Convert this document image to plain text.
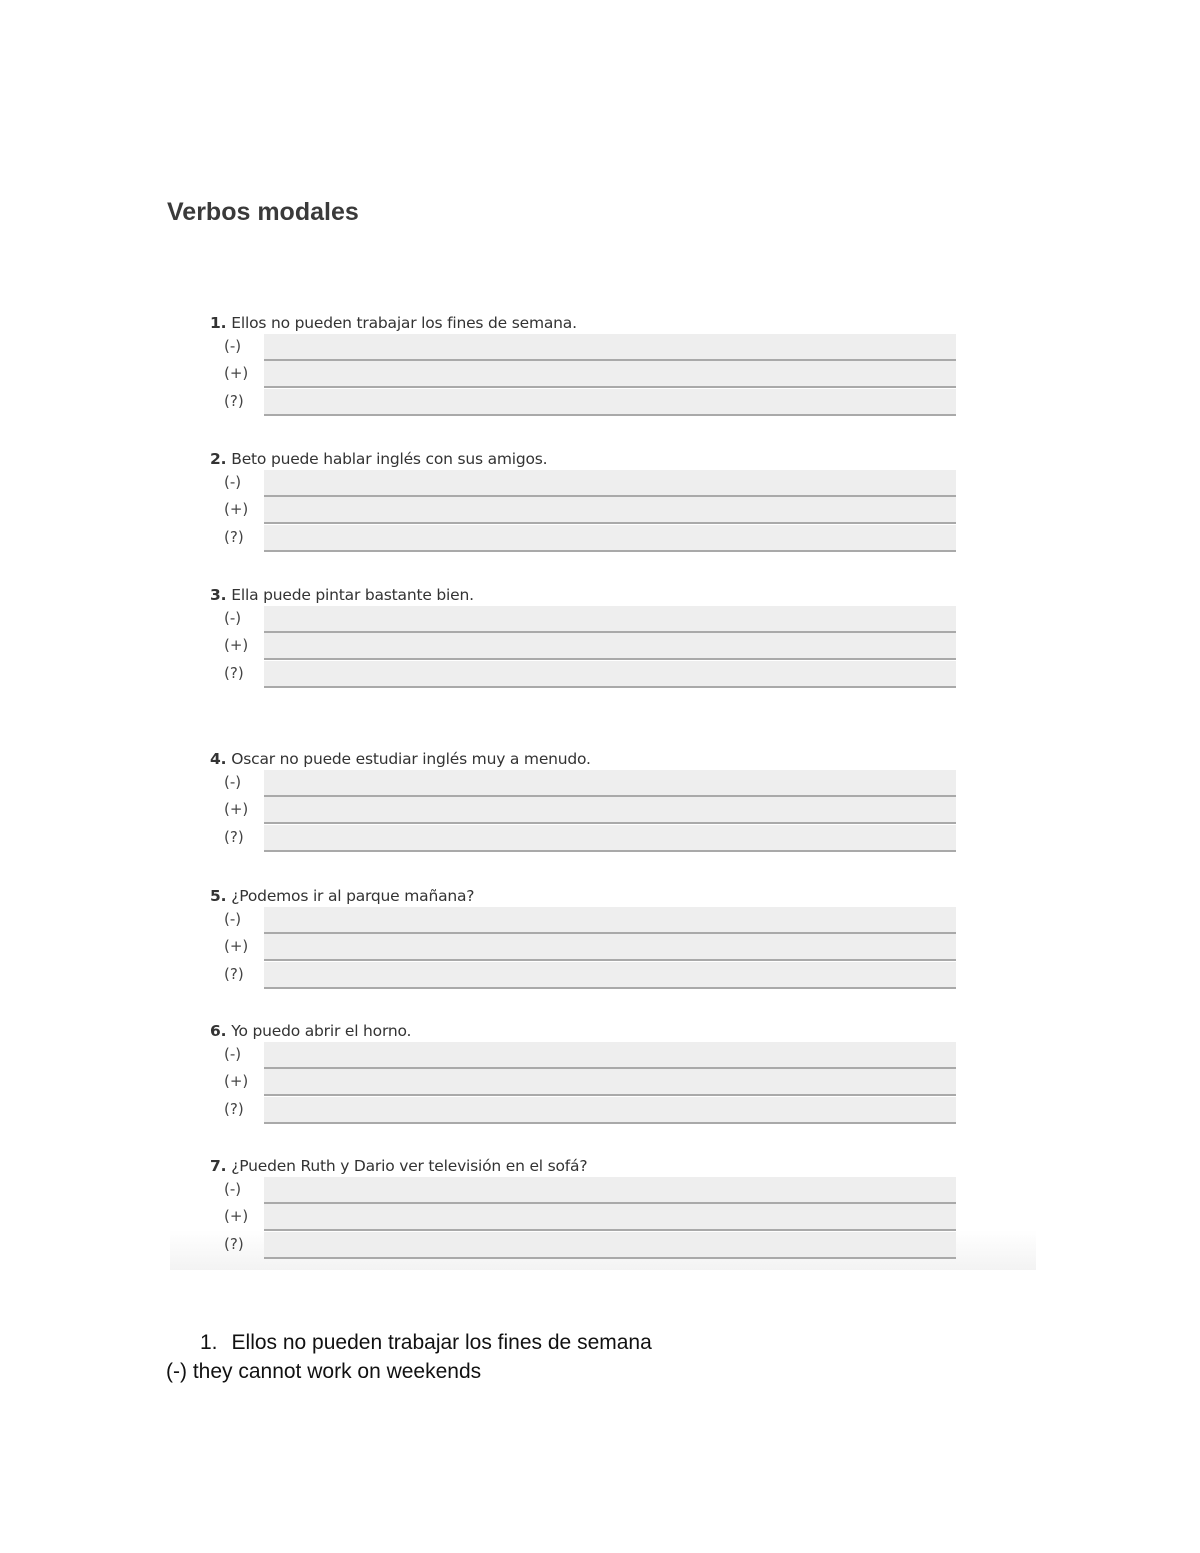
Verbos modales
1. Ellos no pueden trabajar los fines de semana.
(-)
(+)
(?)
2. Beto puede hablar inglés con sus amigos.
(-)
(+)
(?)
3. Ella puede pintar bastante bien.
(-)
(+)
(?)
4. Oscar no puede estudiar inglés muy a menudo.
(-)
(+)
(?)
5. ¿Podemos ir al parque mañana?
(-)
(+)
(?)
6. Yo puedo abrir el horno.
(-)
(+)
(?)
7. ¿Pueden Ruth y Dario ver televisión en el sofá?
(-)
(+)
(?)

1. Ellos no pueden trabajar los fines de semana

(-) they cannot work on weekends
